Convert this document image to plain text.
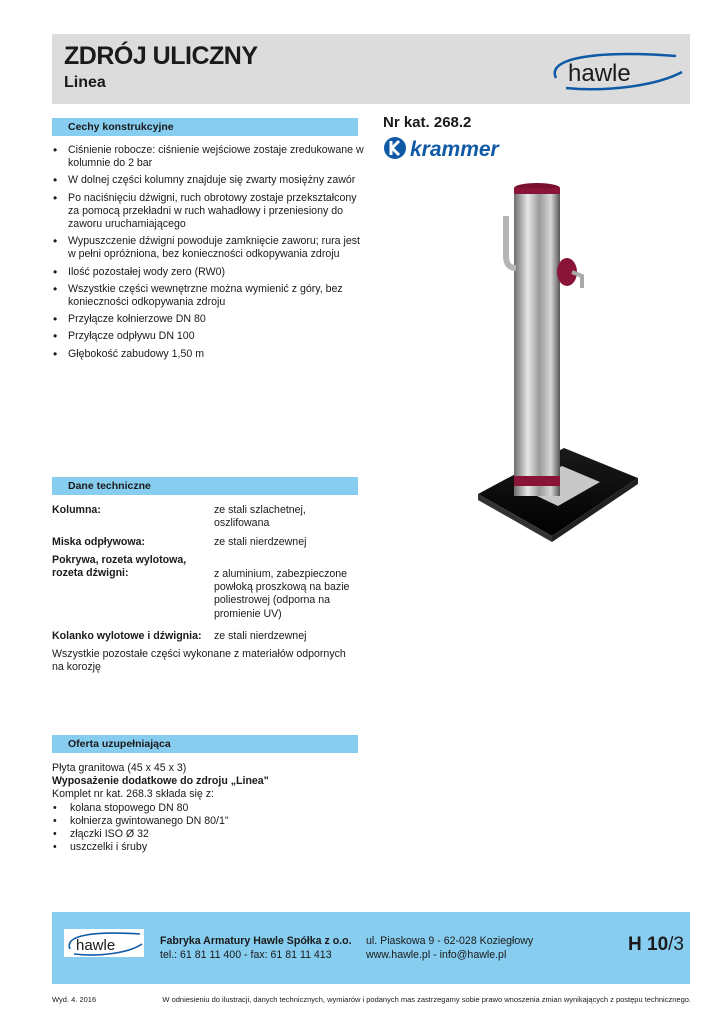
ZDRÓJ ULICZNY
Linea	hawle
Cechy konstrukcyjne
• Ciśnienie robocze: ciśnienie wejściowe zostaje zredukowane w kolumnie do 2 bar
• W dolnej części kolumny znajduje się zwarty mosiężny zawór
• Po naciśnięciu dźwigni, ruch obrotowy zostaje przekształcony za pomocą przekładni w ruch wahadłowy i przeniesiony do zaworu uruchamiającego
• Wypuszczenie dźwigni powoduje zamknięcie zaworu; rura jest w pełni opróżniona, bez konieczności odkopywania zdroju
• Ilość pozostałej wody zero (RW0)
• Wszystkie części wewnętrzne można wymienić z góry, bez konieczności odkopywania zdroju
• Przyłącze kołnierzowe DN 80
• Przyłącze odpływu DN 100
• Głębokość zabudowy 1,50 m
Nr kat. 268.2
krammer
Dane techniczne
Kolumna:	ze stali szlachetnej, oszlifowana
Miska odpływowa:	ze stali nierdzewnej
Pokrywa, rozeta wylotowa, rozeta dźwigni:	z aluminium, zabezpieczone powłoką proszkową na bazie poliestrowej (odporna na promienie UV)
Kolanko wylotowe i dźwignia: ze stali nierdzewnej
Wszystkie pozostałe części wykonane z materiałów odpornych na korozję
Oferta uzupełniająca
Płyta granitowa (45 x 45 x 3)
Wyposażenie dodatkowe do zdroju „Linea"
Komplet nr kat. 268.3 składa się z:
• kolana stopowego DN 80
• kołnierza gwintowanego DN 80/1"
• złączki ISO Ø 32
• uszczelki i śruby
hawle	Fabryka Armatury Hawle Spółka z o.o.
tel.: 61 81 11 400 - fax: 61 81 11 413
ul. Piaskowa 9 - 62-028 Koziegłowy
www.hawle.pl - info@hawle.pl	H 10/3
Wyd. 4. 2016	W odniesieniu do ilustracji, danych technicznych, wymiarów i podanych mas zastrzegamy sobie prawo wnoszenia zmian wynikających z postępu technicznego.
